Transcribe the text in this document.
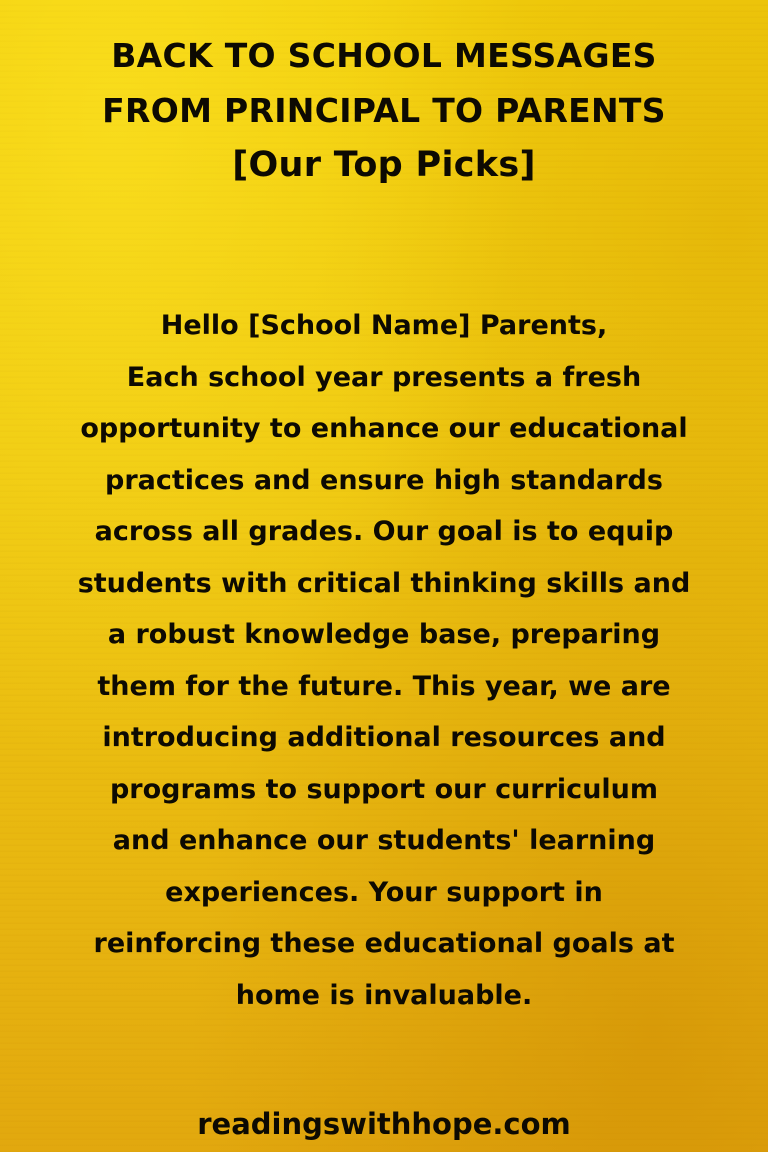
BACK TO SCHOOL MESSAGES
FROM PRINCIPAL TO PARENTS
[Our Top Picks]
Hello [School Name] Parents,
Each school year presents a fresh
opportunity to enhance our educational
practices and ensure high standards
across all grades. Our goal is to equip
students with critical thinking skills and
a robust knowledge base, preparing
them for the future. This year, we are
introducing additional resources and
programs to support our curriculum
and enhance our students' learning
experiences. Your support in
reinforcing these educational goals at
home is invaluable.
readingswithhope.com
